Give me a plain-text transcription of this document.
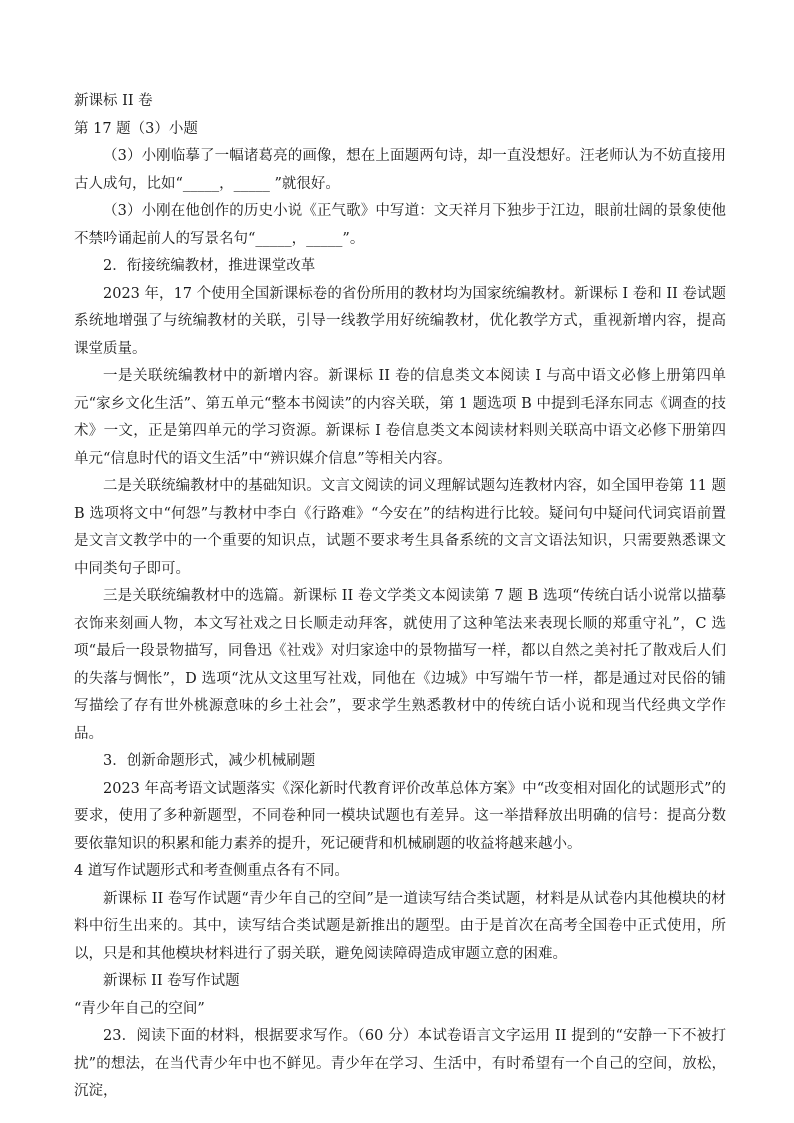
新课标 II 卷

第 17 题（3）小题

（3）小刚临摹了一幅诸葛亮的画像，想在上面题两句诗，却一直没想好。汪老师认为不妨直接用古人成句，比如“_____，_____ ”就很好。

（3）小刚在他创作的历史小说《正气歌》中写道：文天祥月下独步于江边，眼前壮阔的景象使他不禁吟诵起前人的写景名句“_____，_____”。

2．衔接统编教材，推进课堂改革

2023 年，17 个使用全国新课标卷的省份所用的教材均为国家统编教材。新课标 I 卷和 II 卷试题系统地增强了与统编教材的关联，引导一线教学用好统编教材，优化教学方式，重视新增内容，提高课堂质量。

一是关联统编教材中的新增内容。新课标 II 卷的信息类文本阅读 I 与高中语文必修上册第四单元“家乡文化生活”、第五单元“整本书阅读”的内容关联，第 1 题选项 B 中提到毛泽东同志《调查的技术》一文，正是第四单元的学习资源。新课标 I 卷信息类文本阅读材料则关联高中语文必修下册第四单元“信息时代的语文生活”中“辨识媒介信息”等相关内容。

二是关联统编教材中的基础知识。文言文阅读的词义理解试题勾连教材内容，如全国甲卷第 11 题 B 选项将文中“何怨”与教材中李白《行路难》“今安在”的结构进行比较。疑问句中疑问代词宾语前置是文言文教学中的一个重要的知识点，试题不要求考生具备系统的文言文语法知识，只需要熟悉课文中同类句子即可。

三是关联统编教材中的选篇。新课标 II 卷文学类文本阅读第 7 题 B 选项“传统白话小说常以描摹衣饰来刻画人物，本文写社戏之日长顺走动拜客，就使用了这种笔法来表现长顺的郑重守礼”，C 选项“最后一段景物描写，同鲁迅《社戏》对归家途中的景物描写一样，都以自然之美衬托了散戏后人们的失落与惆怅”，D 选项“沈从文这里写社戏，同他在《边城》中写端午节一样，都是通过对民俗的铺写描绘了存有世外桃源意味的乡土社会”，要求学生熟悉教材中的传统白话小说和现当代经典文学作品。

3．创新命题形式，减少机械刷题

2023 年高考语文试题落实《深化新时代教育评价改革总体方案》中“改变相对固化的试题形式”的要求，使用了多种新题型，不同卷种同一模块试题也有差异。这一举措释放出明确的信号：提高分数要依靠知识的积累和能力素养的提升，死记硬背和机械刷题的收益将越来越小。

4 道写作试题形式和考查侧重点各有不同。

新课标 II 卷写作试题“青少年自己的空间”是一道读写结合类试题，材料是从试卷内其他模块的材料中衍生出来的。其中，读写结合类试题是新推出的题型。由于是首次在高考全国卷中正式使用，所以，只是和其他模块材料进行了弱关联，避免阅读障碍造成审题立意的困难。

新课标 II 卷写作试题

“青少年自己的空间”

23．阅读下面的材料，根据要求写作。（60 分）本试卷语言文字运用 II 提到的“安静一下不被打扰”的想法，在当代青少年中也不鲜见。青少年在学习、生活中，有时希望有一个自己的空间，放松，沉淀，
